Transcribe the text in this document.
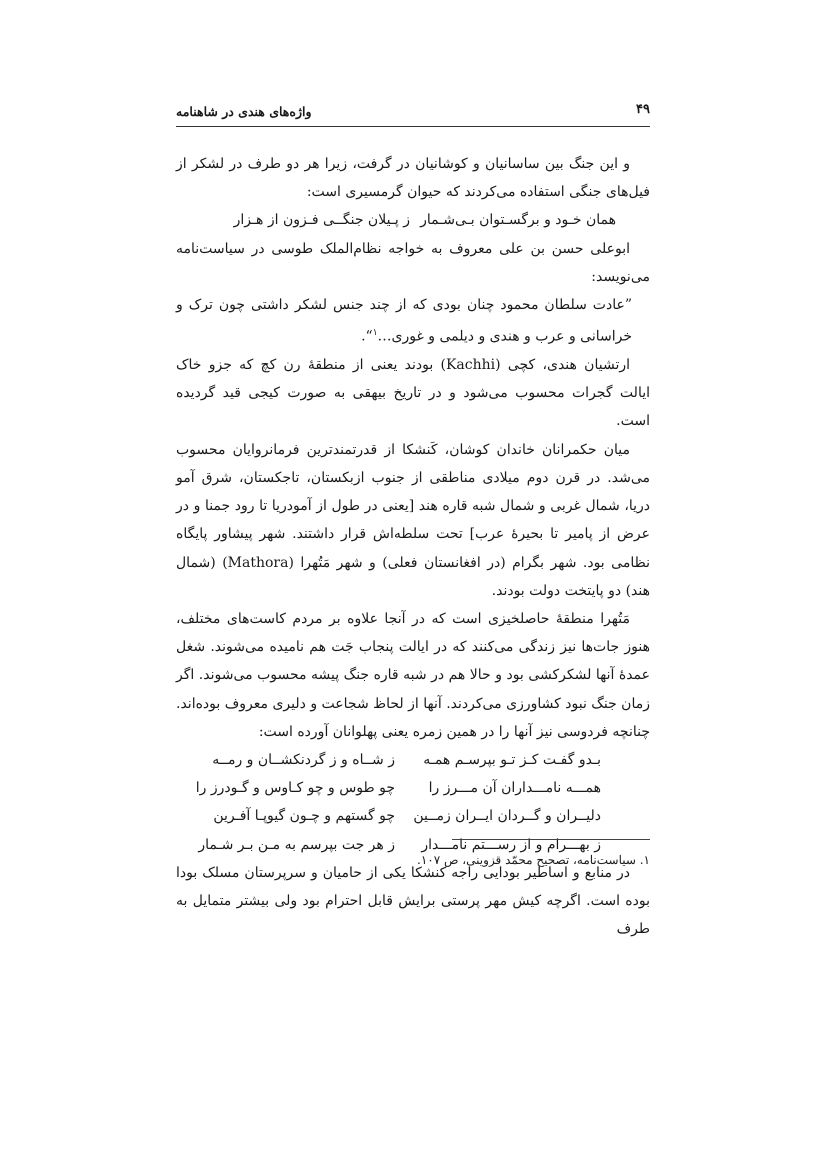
واژه‌های هندی در شاهنامه	۴۹

و این جنگ بین ساسانیان و کوشانیان در گرفت، زیرا هر دو طرف در لشکر از فیل‌های جنگی استفاده می‌کردند که حیوان گرمسیری است:

همان خـود و برگسـتوان بـی‌شـمار
ز پـیلان جنگــی فـزون از هـزار

ابوعلی حسن بن علی معروف به خواجه نظام‌الملک طوسی در سیاست‌نامه می‌نویسد:

”عادت سلطان محمود چنان بودی که از چند جنس لشکر داشتی چون ترک و خراسانی و عرب و هندی و دیلمی و غوری…$^۱$“.

ارتشیان هندی، کچی (Kachhi) بودند یعنی از منطقهٔ رن کچ که جزو خاک ایالت گجرات محسوب می‌شود و در تاریخ بیهقی به صورت کیجی قید گردیده است.

میان حکمرانان خاندان کوشان، کَنشکا از قدرتمندترین فرمانروایان محسوب می‌شد. در قرن دوم میلادی مناطقی از جنوب ازبکستان، تاجکستان، شرق آمو دریا، شمال غربی و شمال شبه قاره هند [یعنی در طول از آمودریا تا رود جمنا و در عرض از پامیر تا بحیرهٔ عرب] تحت سلطه‌اش قرار داشتند. شهر پیشاور پایگاه نظامی بود. شهر بگرام (در افغانستان فعلی) و شهر مَتُهرا (Mathora) (شمال هند) دو پایتخت دولت بودند.

مَتُهرا منطقهٔ حاصلخیزی است که در آنجا علاوه بر مردم کاست‌های مختلف، هنوز جات‌ها نیز زندگی می‌کنند که در ایالت پنجاب جَت هم نامیده می‌شوند. شغل عمدهٔ آنها لشکرکشی بود و حالا هم در شبه قاره جنگ پیشه محسوب می‌شوند. اگر زمان جنگ نبود کشاورزی می‌کردند. آنها از لحاظ شجاعت و دلیری معروف بوده‌اند. چنانچه فردوسی نیز آنها را در همین زمره یعنی پهلوانان آورده است:

بـدو گفـت کـز تـو بپرسـم همـه
ز شــاه و ز گردنکشــان و رمــه
همـــه نامـــداران آن مـــرز را
چو طوس و چو کـاوس و گـودرز را
دلیــران و گــردان ایــران زمــین
چو گستهم و چـون گیوپـا آفـرین
ز بهـــرام و از رســـتم نامـــدار
ز هر جت بپرسم به مـن بـر شـمار

در منابع و اساطیر بودایی راجه کنشکا یکی از حامیان و سرپرستان مسلک بودا بوده است. اگرچه کیش مهر پرستی برایش قابل احترام بود ولی بیشتر متمایل به طرف

۱. سیاست‌نامه، تصحیح محمّد قزوینی، ص ۱۰۷.
